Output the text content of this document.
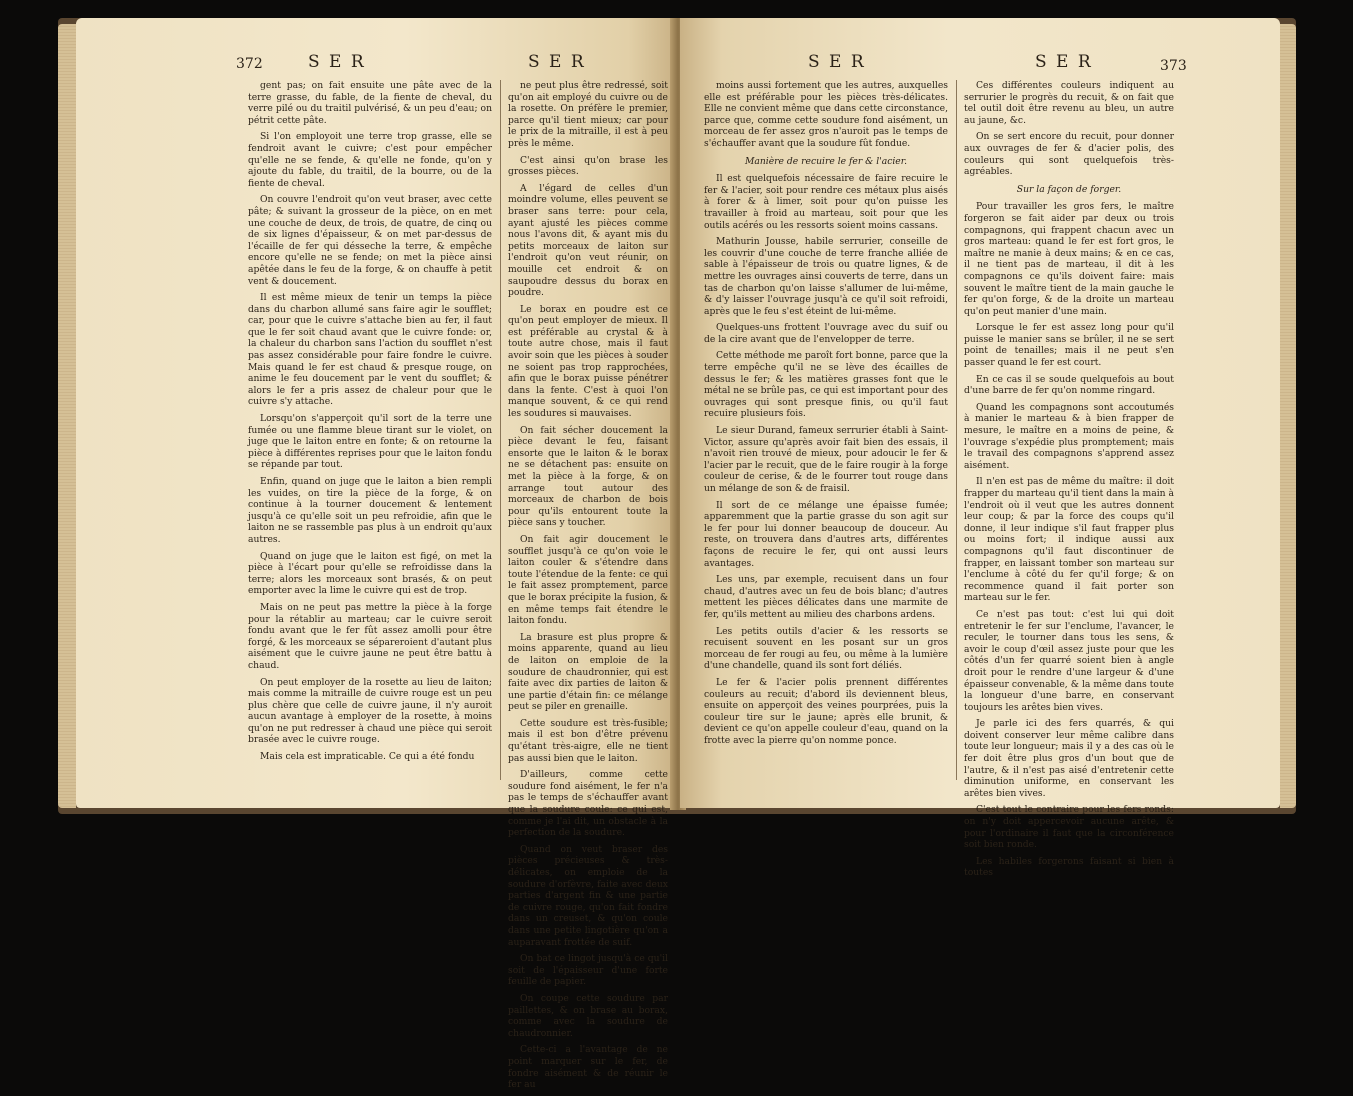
372	S E R	S E R

gent pas; on fait ensuite une pâte avec de la terre grasse, du fable, de la fiente de cheval, du verre pilé ou du traitil pulvérisé, & un peu d'eau; on pétrit cette pâte.

Si l'on employoit une terre trop grasse, elle se fendroit avant le cuivre; c'est pour empêcher qu'elle ne se fende, & qu'elle ne fonde, qu'on y ajoute du fable, du traitil, de la bourre, ou de la fiente de cheval.

On couvre l'endroit qu'on veut braser, avec cette pâte; & suivant la grosseur de la pièce, on en met une couche de deux, de trois, de quatre, de cinq ou de six lignes d'épaisseur, & on met par-dessus de l'écaille de fer qui désseche la terre, & empêche encore qu'elle ne se fende; on met la pièce ainsi apêtée dans le feu de la forge, & on chauffe à petit vent & doucement.

Il est même mieux de tenir un temps la pièce dans du charbon allumé sans faire agir le soufflet; car, pour que le cuivre s'attache bien au fer, il faut que le fer soit chaud avant que le cuivre fonde: or, la chaleur du charbon sans l'action du soufflet n'est pas assez considérable pour faire fondre le cuivre. Mais quand le fer est chaud & presque rouge, on anime le feu doucement par le vent du soufflet; & alors le fer a pris assez de chaleur pour que le cuivre s'y attache.

Lorsqu'on s'apperçoit qu'il sort de la terre une fumée ou une flamme bleue tirant sur le violet, on juge que le laiton entre en fonte; & on retourne la pièce à différentes reprises pour que le laiton fondu se répande par tout.

Enfin, quand on juge que le laiton a bien rempli les vuides, on tire la pièce de la forge, & on continue à la tourner doucement & lentement jusqu'à ce qu'elle soit un peu refroidie, afin que le laiton ne se rassemble pas plus à un endroit qu'aux autres.

Quand on juge que le laiton est figé, on met la pièce à l'écart pour qu'elle se refroidisse dans la terre; alors les morceaux sont brasés, & on peut emporter avec la lime le cuivre qui est de trop.

Mais on ne peut pas mettre la pièce à la forge pour la rétablir au marteau; car le cuivre seroit fondu avant que le fer fût assez amolli pour être forgé, & les morceaux se sépareroient d'autant plus aisément que le cuivre jaune ne peut être battu à chaud.

On peut employer de la rosette au lieu de laiton; mais comme la mitraille de cuivre rouge est un peu plus chère que celle de cuivre jaune, il n'y auroit aucun avantage à employer de la rosette, à moins qu'on ne put redresser à chaud une pièce qui seroit brasée avec le cuivre rouge.

Mais cela est impraticable. Ce qui a été fondu

ne peut plus être redressé, soit qu'on ait employé du cuivre ou de la rosette. On préfère le premier, parce qu'il tient mieux; car pour le prix de la mitraille, il est à peu près le même.

C'est ainsi qu'on brase les grosses pièces.

A l'égard de celles d'un moindre volume, elles peuvent se braser sans terre: pour cela, ayant ajusté les pièces comme nous l'avons dit, & ayant mis du petits morceaux de laiton sur l'endroit qu'on veut réunir, on mouille cet endroit & on saupoudre dessus du borax en poudre.

Le borax en poudre est ce qu'on peut employer de mieux. Il est préférable au crystal & à toute autre chose, mais il faut avoir soin que les pièces à souder ne soient pas trop rapprochées, afin que le borax puisse pénétrer dans la fente. C'est à quoi l'on manque souvent, & ce qui rend les soudures si mauvaises.

On fait sécher doucement la pièce devant le feu, faisant ensorte que le laiton & le borax ne se détachent pas: ensuite on met la pièce à la forge, & on arrange tout autour des morceaux de charbon de bois pour qu'ils entourent toute la pièce sans y toucher.

On fait agir doucement le soufflet jusqu'à ce qu'on voie le laiton couler & s'étendre dans toute l'étendue de la fente: ce qui le fait assez promptement, parce que le borax précipite la fusion, & en même temps fait étendre le laiton fondu.

La brasure est plus propre & moins apparente, quand au lieu de laiton on emploie de la soudure de chaudronnier, qui est faite avec dix parties de laiton & une partie d'étain fin: ce mélange peut se piler en grenaille.

Cette soudure est très-fusible; mais il est bon d'être prévenu qu'étant très-aigre, elle ne tient pas aussi bien que le laiton.

D'ailleurs, comme cette soudure fond aisément, le fer n'a pas le temps de s'échauffer avant que la soudure coule: ce qui est, comme je l'ai dit, un obstacle à la perfection de la soudure.

Quand on veut braser des pièces précieuses & très-délicates, on emploie de la soudure d'orfèvre, faite avec deux parties d'argent fin & une partie de cuivre rouge, qu'on fait fondre dans un creuset, & qu'on coule dans une petite lingotière qu'on a auparavant frottée de suif.

On bat ce lingot jusqu'à ce qu'il soit de l'épaisseur d'une forte feuille de papier.

On coupe cette soudure par paillettes, & on brase au borax, comme avec la soudure de chaudronnier.

Cette-ci a l'avantage de ne point marquer sur le fer, de fondre aisément & de réunir le fer au

S E R	S E R	373

moins aussi fortement que les autres, auxquelles elle est préférable pour les pièces très-délicates. Elle ne convient même que dans cette circonstance, parce que, comme cette soudure fond aisément, un morceau de fer assez gros n'auroit pas le temps de s'échauffer avant que la soudure fût fondue.

Manière de recuire le fer & l'acier.

Il est quelquefois nécessaire de faire recuire le fer & l'acier, soit pour rendre ces métaux plus aisés à forer & à limer, soit pour qu'on puisse les travailler à froid au marteau, soit pour que les outils acérés ou les ressorts soient moins cassans.

Mathurin Jousse, habile serrurier, conseille de les couvrir d'une couche de terre franche alliée de sable à l'épaisseur de trois ou quatre lignes, & de mettre les ouvrages ainsi couverts de terre, dans un tas de charbon qu'on laisse s'allumer de lui-même, & d'y laisser l'ouvrage jusqu'à ce qu'il soit refroidi, après que le feu s'est éteint de lui-même.

Quelques-uns frottent l'ouvrage avec du suif ou de la cire avant que de l'envelopper de terre.

Cette méthode me paroît fort bonne, parce que la terre empêche qu'il ne se lève des écailles de dessus le fer; & les matières grasses font que le métal ne se brûle pas, ce qui est important pour des ouvrages qui sont presque finis, ou qu'il faut recuire plusieurs fois.

Le sieur Durand, fameux serrurier établi à Saint-Victor, assure qu'après avoir fait bien des essais, il n'avoit rien trouvé de mieux, pour adoucir le fer & l'acier par le recuit, que de le faire rougir à la forge couleur de cerise, & de le fourrer tout rouge dans un mélange de son & de fraisil.

Il sort de ce mélange une épaisse fumée; apparemment que la partie grasse du son agit sur le fer pour lui donner beaucoup de douceur. Au reste, on trouvera dans d'autres arts, différentes façons de recuire le fer, qui ont aussi leurs avantages.

Les uns, par exemple, recuisent dans un four chaud, d'autres avec un feu de bois blanc; d'autres mettent les pièces délicates dans une marmite de fer, qu'ils mettent au milieu des charbons ardens.

Les petits outils d'acier & les ressorts se recuisent souvent en les posant sur un gros morceau de fer rougi au feu, ou même à la lumière d'une chandelle, quand ils sont fort déliés.

Le fer & l'acier polis prennent différentes couleurs au recuit; d'abord ils deviennent bleus, ensuite on apperçoit des veines pourprées, puis la couleur tire sur le jaune; après elle brunit, & devient ce qu'on appelle couleur d'eau, quand on la frotte avec la pierre qu'on nomme ponce.

Ces différentes couleurs indiquent au serrurier le progrès du recuit, & on fait que tel outil doit être revenu au bleu, un autre au jaune, &c.

On se sert encore du recuit, pour donner aux ouvrages de fer & d'acier polis, des couleurs qui sont quelquefois très-agréables.

Sur la façon de forger.

Pour travailler les gros fers, le maître forgeron se fait aider par deux ou trois compagnons, qui frappent chacun avec un gros marteau: quand le fer est fort gros, le maître ne manie à deux mains; & en ce cas, il ne tient pas de marteau, il dit à les compagnons ce qu'ils doivent faire: mais souvent le maître tient de la main gauche le fer qu'on forge, & de la droite un marteau qu'on peut manier d'une main.

Lorsque le fer est assez long pour qu'il puisse le manier sans se brûler, il ne se sert point de tenailles; mais il ne peut s'en passer quand le fer est court.

En ce cas il se soude quelquefois au bout d'une barre de fer qu'on nomme ringard.

Quand les compagnons sont accoutumés à manier le marteau & à bien frapper de mesure, le maître en a moins de peine, & l'ouvrage s'expédie plus promptement; mais le travail des compagnons s'apprend assez aisément.

Il n'en est pas de même du maître: il doit frapper du marteau qu'il tient dans la main à l'endroit où il veut que les autres donnent leur coup; & par la force des coups qu'il donne, il leur indique s'il faut frapper plus ou moins fort; il indique aussi aux compagnons qu'il faut discontinuer de frapper, en laissant tomber son marteau sur l'enclume à côté du fer qu'il forge; & on recommence quand il fait porter son marteau sur le fer.

Ce n'est pas tout: c'est lui qui doit entretenir le fer sur l'enclume, l'avancer, le reculer, le tourner dans tous les sens, & avoir le coup d'œil assez juste pour que les côtés d'un fer quarré soient bien à angle droit pour le rendre d'une largeur & d'une épaisseur convenable, & la même dans toute la longueur d'une barre, en conservant toujours les arêtes bien vives.

Je parle ici des fers quarrés, & qui doivent conserver leur même calibre dans toute leur longueur; mais il y a des cas où le fer doit être plus gros d'un bout que de l'autre, & il n'est pas aisé d'entretenir cette diminution uniforme, en conservant les arêtes bien vives.

C'est tout le contraire pour les fers ronds: on n'y doit appercevoir aucune arête, & pour l'ordinaire il faut que la circonférence soit bien ronde.

Les habiles forgerons faisant si bien à toutes
